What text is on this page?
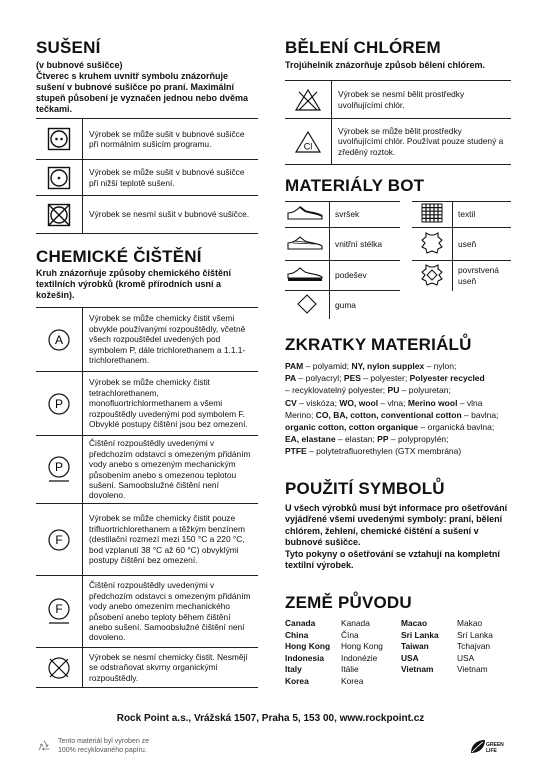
SUŠENÍ

(v bubnové sušičce)

Čtverec s kruhem uvnitř symbolu znázorňuje sušení v bubnové sušičce po praní. Maximální stupeň působení je vyznačen jednou nebo dvěma tečkami.

	Výrobek se může sušit v bubnové sušičce při normálním sušicím programu.

	Výrobek se může sušit v bubnové sušičce při nižší teplotě sušení.

	Výrobek se nesmí sušit v bubnové sušičce.
CHEMICKÉ ČIŠTĚNÍ
Kruh znázorňuje způsoby chemického čištění textilních výrobků (kromě přírodních usní a kožešin).
A	Výrobek se může chemicky čistit všemi obvykle používanými rozpouštědly, včetně všech rozpouštědel uvedených pod symbolem P, dále trichlorethanem a 1.1.1-trichlorethanem.

P	Výrobek se může chemicky čistit tetrachlorethanem, monofluortrichlormethanem a všemi rozpouštědly uvedenými pod symbolem F. Obvyklé postupy čištění jsou bez omezení.

P	Čištění rozpouštědly uvedenými v předchozím odstavci s omezeným přidáním vody anebo s omezeným mechanickým působením anebo s omezenou teplotou sušení. Samoobslužné čištění není dovoleno.

F	Výrobek se může chemicky čistit pouze trifluortrichlorethanem a těžkým benzínem (destilační rozmezí mezi 150 °C a 220 °C, bod vzplanutí 38 °C až 60 °C) obvyklými postupy čištění bez omezení.

F	Čištění rozpouštědly uvedenými v předchozím odstavci s omezeným přidáním vody anebo omezením mechanického působení anebo teploty během čištění anebo sušení. Samoobslužné čištění není dovoleno.

	Výrobek se nesmí chemicky čistit. Nesmějí se odstraňovat skvrny organickými rozpouštědly.
BĚLENÍ CHLÓREM
Trojúhelník znázorňuje způsob bělení chlórem.
	Výrobek se nesmí bělit prostředky uvolňujícími chlór.

Cl	Výrobek se může bělit prostředky uvolňujícími chlór. Používat pouze studený a zředěný roztok.
MATERIÁLY BOT
	svršek
	vnitřní stélka
	podešev
	guma
	textil
	useň
	povrstvená useň
ZKRATKY MATERIÁLŮ

PAM – polyamid; NY, nylon supplex – nylon;

PA – polyacryl; PES – polyester; Polyester recycled

– recyklovatelný polyester; PU – polyuretan;

CV – viskóza; WO, wool – vlna; Merino wool – vlna

Merino; CO, BA, cotton, conventional cotton – bavlna;

organic cotton, cotton organique – organická bavlna;

EA, elastane – elastan; PP – polypropylén;

PTFE – polytetrafluorethylen (GTX membrána)

POUŽITÍ SYMBOLŮ
U všech výrobků musí být informace pro ošetřování vyjádřené všemi uvedenými symboly: praní, bělení chlórem, žehlení, chemické čištění a sušení v bubnové sušičce.
Tyto pokyny o ošetřování se vztahují na kompletní textilní výrobek.
ZEMĚ PŮVODU
Canada	Kanada
China	Čína
Hong Kong	Hong Kong
Indonesia	Indonézie
Italy	Itálie
Korea	Korea
Macao	Makao
Sri Lanka	Srí Lanka
Taiwan	Tchajvan
USA	USA
Vietnam	Vietnam
Rock Point a.s., Vrážská 1507, Praha 5, 153 00, www.rockpoint.cz
Tento materiál byl vyroben ze 100% recyklovaného papíru.
GREEN LIFE
